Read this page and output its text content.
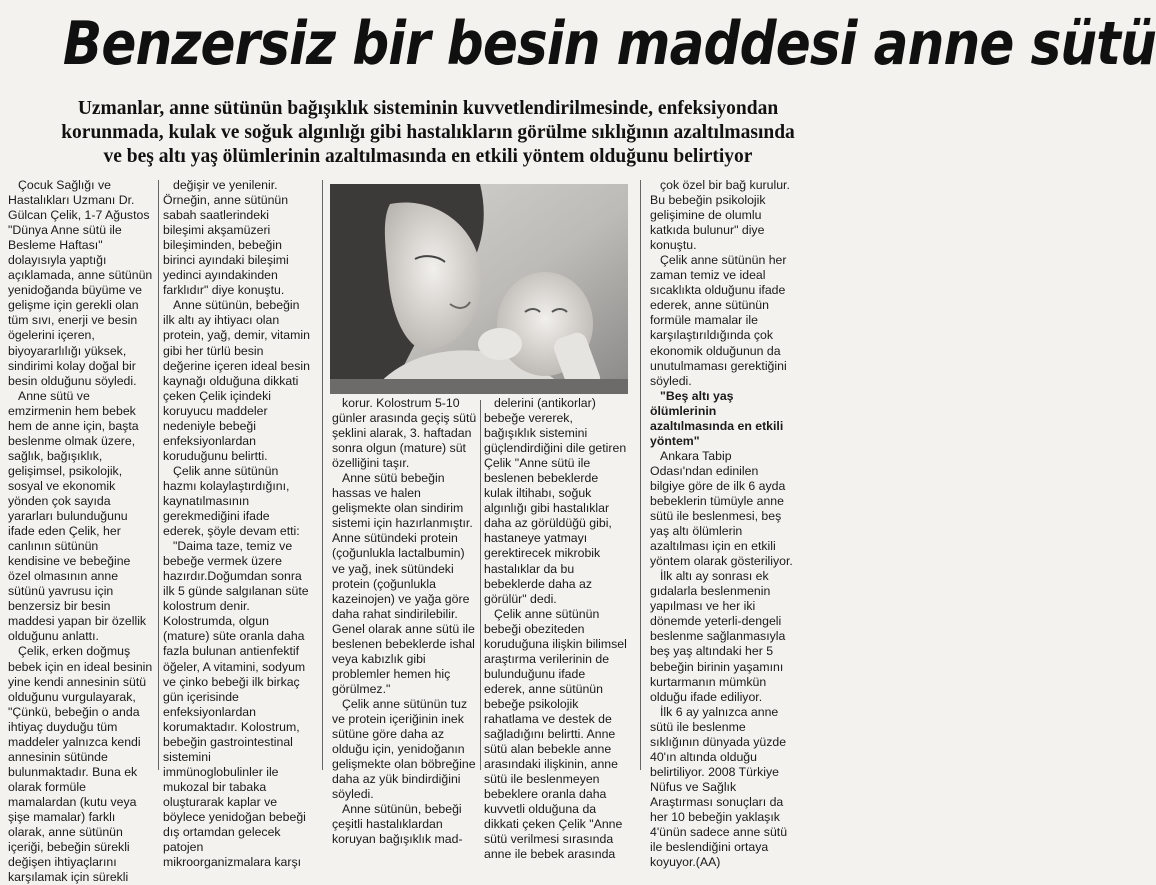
Benzersiz bir besin maddesi anne sütü
Uzmanlar, anne sütünün bağışıklık sisteminin kuvvetlendirilmesinde, enfeksiyondan korunmada, kulak ve soğuk algınlığı gibi hastalıkların görülme sıklığının azaltılmasında ve beş altı yaş ölümlerinin azaltılmasında en etkili yöntem olduğunu belirtiyor

Çocuk Sağlığı ve Hastalıkları Uzmanı Dr. Gülcan Çelik, 1-7 Ağustos "Dünya Anne sütü ile Besleme Haftası" dolayısıyla yaptığı açıklamada, anne sütünün yenidoğanda büyüme ve gelişme için gerekli olan tüm sıvı, enerji ve besin ögelerini içeren, biyoyararlılığı yüksek, sindirimi kolay doğal bir besin olduğunu söyledi.

Anne sütü ve emzirmenin hem bebek hem de anne için, başta beslenme olmak üzere, sağlık, bağışıklık, gelişimsel, psikolojik, sosyal ve ekonomik yönden çok sayıda yararları bulunduğunu ifade eden Çelik, her canlının sütünün kendisine ve bebeğine özel olmasının anne sütünü yavrusu için benzersiz bir besin maddesi yapan bir özellik olduğunu anlattı.

Çelik, erken doğmuş bebek için en ideal besinin yine kendi annesinin sütü olduğunu vurgulayarak, "Çünkü, bebeğin o anda ihtiyaç duyduğu tüm maddeler yalnızca kendi annesinin sütünde bulunmaktadır. Buna ek olarak formüle mamalardan (kutu veya şişe mamalar) farklı olarak, anne sütünün içeriği, bebeğin sürekli değişen ihtiyaçlarını karşılamak için sürekli

değişir ve yenilenir. Örneğin, anne sütünün sabah saatlerindeki bileşimi akşamüzeri bileşiminden, bebeğin birinci ayındaki bileşimi yedinci ayındakinden farklıdır" diye konuştu.

Anne sütünün, bebeğin ilk altı ay ihtiyacı olan protein, yağ, demir, vitamin gibi her türlü besin değerine içeren ideal besin kaynağı olduğuna dikkati çeken Çelik içindeki koruyucu maddeler nedeniyle bebeği enfeksiyonlardan koruduğunu belirtti.

Çelik anne sütünün hazmı kolaylaştırdığını, kaynatılmasının gerekmediğini ifade ederek, şöyle devam etti:

"Daima taze, temiz ve bebeğe vermek üzere hazırdır.Doğumdan sonra ilk 5 günde salgılanan süte kolostrum denir. Kolostrumda, olgun (mature) süte oranla daha fazla bulunan antienfektif öğeler, A vitamini, sodyum ve çinko bebeği ilk birkaç gün içerisinde enfeksiyonlardan korumaktadır. Kolostrum, bebeğin gastrointestinal sistemini immünoglobulinler ile mukozal bir tabaka oluşturarak kaplar ve böylece yenidoğan bebeği dış ortamdan gelecek patojen mikroorganizmalara karşı

korur. Kolostrum 5-10 günler arasında geçiş sütü şeklini alarak, 3. haftadan sonra olgun (mature) süt özelliğini taşır.

Anne sütü bebeğin hassas ve halen gelişmekte olan sindirim sistemi için hazırlanmıştır. Anne sütündeki protein (çoğunlukla lactalbumin) ve yağ, inek sütündeki protein (çoğunlukla kazeinojen) ve yağa göre daha rahat sindirilebilir. Genel olarak anne sütü ile beslenen bebeklerde ishal veya kabızlık gibi problemler hemen hiç görülmez."

Çelik anne sütünün tuz ve protein içeriğinin inek sütüne göre daha az olduğu için, yenidoğanın gelişmekte olan böbreğine daha az yük bindirdiğini söyledi.

Anne sütünün, bebeği çeşitli hastalıklardan koruyan bağışıklık mad-

delerini (antikorlar) bebeğe vererek, bağışıklık sistemini güçlendirdiğini dile getiren Çelik "Anne sütü ile beslenen bebeklerde kulak iltihabı, soğuk algınlığı gibi hastalıklar daha az görüldüğü gibi, hastaneye yatmayı gerektirecek mikrobik hastalıklar da bu bebeklerde daha az görülür" dedi.

Çelik anne sütünün bebeği obeziteden koruduğuna ilişkin bilimsel araştırma verilerinin de bulunduğunu ifade ederek, anne sütünün bebeğe psikolojik rahatlama ve destek de sağladığını belirtti. Anne sütü alan bebekle anne arasındaki ilişkinin, anne sütü ile beslenmeyen bebeklere oranla daha kuvvetli olduğuna da dikkati çeken Çelik "Anne sütü verilmesi sırasında anne ile bebek arasında

çok özel bir bağ kurulur. Bu bebeğin psikolojik gelişimine de olumlu katkıda bulunur" diye konuştu.

Çelik anne sütünün her zaman temiz ve ideal sıcaklıkta olduğunu ifade ederek, anne sütünün formüle mamalar ile karşılaştırıldığında çok ekonomik olduğunun da unutulmaması gerektiğini söyledi.

"Beş altı yaş ölümlerinin azaltılmasında en etkili yöntem"

Ankara Tabip Odası'ndan edinilen bilgiye göre de ilk 6 ayda bebeklerin tümüyle anne sütü ile beslenmesi, beş yaş altı ölümlerin azaltılması için en etkili yöntem olarak gösteriliyor.

İlk altı ay sonrası ek gıdalarla beslenmenin yapılması ve her iki dönemde yeterli-dengeli beslenme sağlanmasıyla beş yaş altındaki her 5 bebeğin birinin yaşamını kurtarmanın mümkün olduğu ifade ediliyor.

İlk 6 ay yalnızca anne sütü ile beslenme sıklığının dünyada yüzde 40'ın altında olduğu belirtiliyor. 2008 Türkiye Nüfus ve Sağlık Araştırması sonuçları da her 10 bebeğin yaklaşık 4'ünün sadece anne sütü ile beslendiğini ortaya koyuyor.(AA)
